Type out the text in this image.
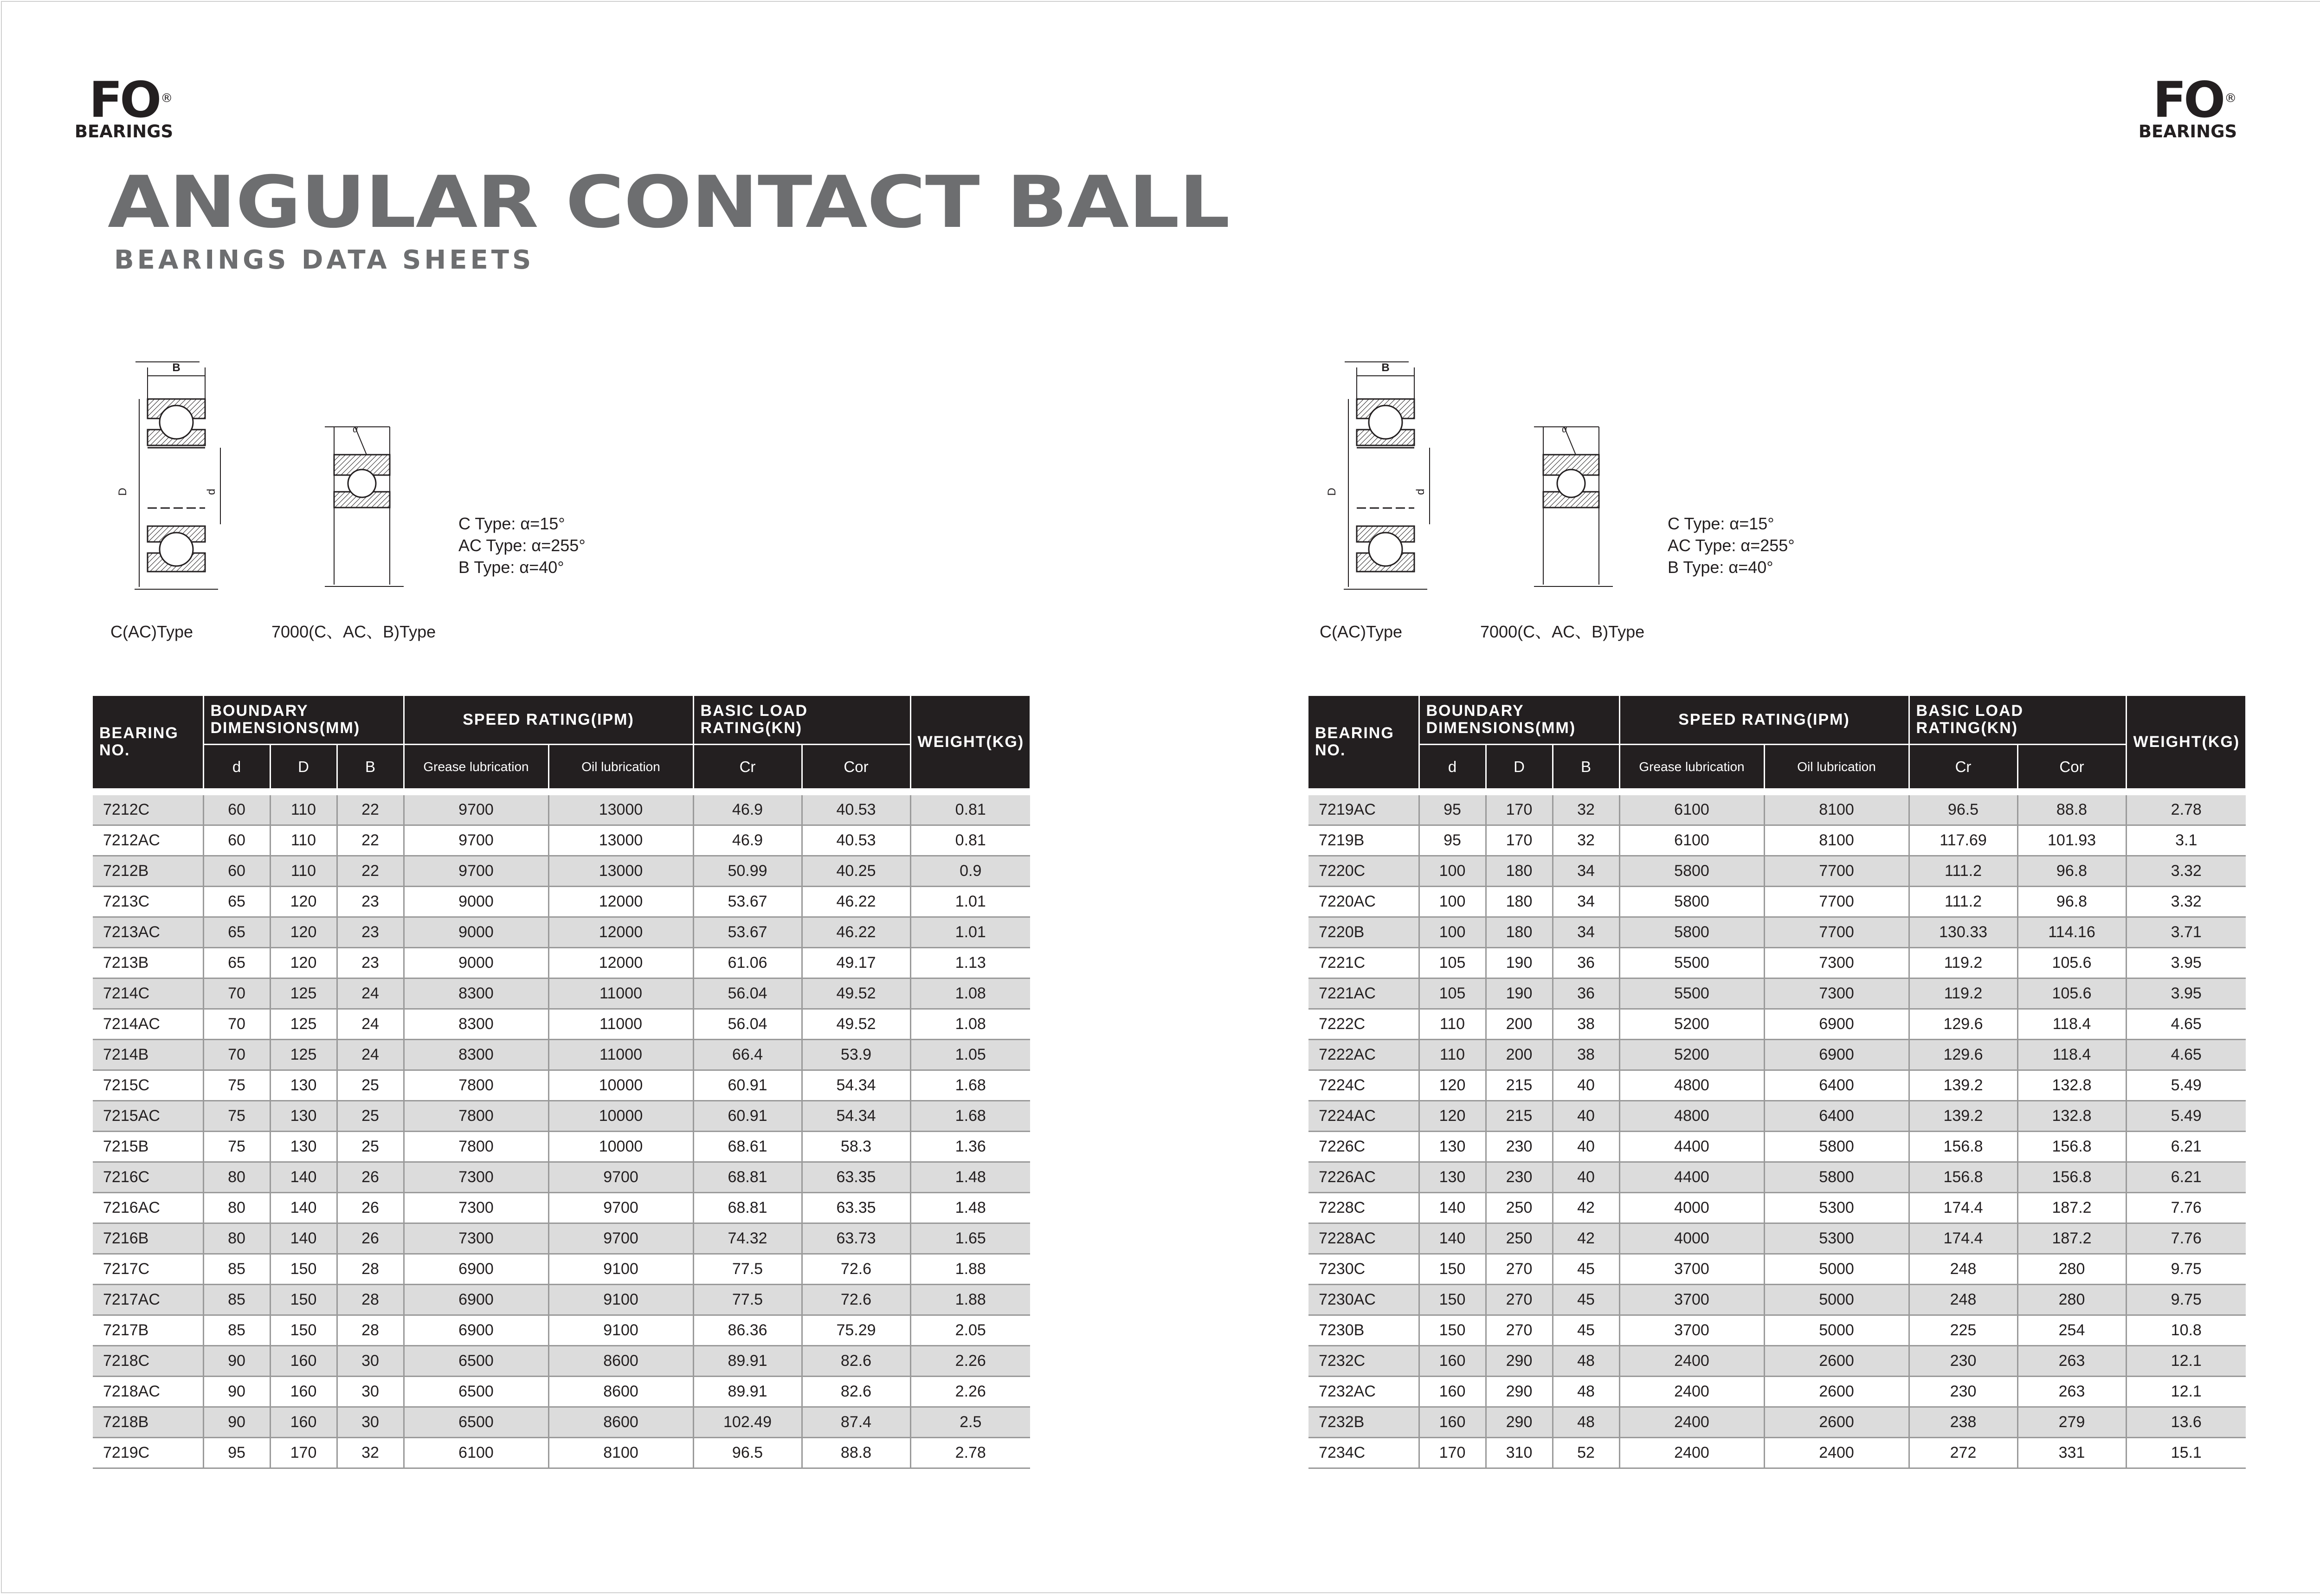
FO ®
BEARINGS
FO ®
BEARINGS
ANGULAR CONTACT BALL
BEARINGS DATA SHEETS
B
D	d
α
C Type: α=15°
AC Type: α=255°
B Type: α=40°
C(AC)Type	7000(C、AC、B)Type
B
D	d
α
C Type: α=15°
AC Type: α=255°
B Type: α=40°
C(AC)Type	7000(C、AC、B)Type
BEARING NO.	BOUNDARY DIMENSIONS(MM)			SPEED RATING(IPM)		BASIC LOAD RATING(KN)		WEIGHT(KG)
	d	D	B	Grease lubrication	Oil lubrication	Cr	Cor	

7212C	60	110	22	9700	13000	46.9	40.53	0.81
7212AC	60	110	22	9700	13000	46.9	40.53	0.81
7212B	60	110	22	9700	13000	50.99	40.25	0.9
7213C	65	120	23	9000	12000	53.67	46.22	1.01
7213AC	65	120	23	9000	12000	53.67	46.22	1.01
7213B	65	120	23	9000	12000	61.06	49.17	1.13
7214C	70	125	24	8300	11000	56.04	49.52	1.08
7214AC	70	125	24	8300	11000	56.04	49.52	1.08
7214B	70	125	24	8300	11000	66.4	53.9	1.05
7215C	75	130	25	7800	10000	60.91	54.34	1.68
7215AC	75	130	25	7800	10000	60.91	54.34	1.68
7215B	75	130	25	7800	10000	68.61	58.3	1.36
7216C	80	140	26	7300	9700	68.81	63.35	1.48
7216AC	80	140	26	7300	9700	68.81	63.35	1.48
7216B	80	140	26	7300	9700	74.32	63.73	1.65
7217C	85	150	28	6900	9100	77.5	72.6	1.88
7217AC	85	150	28	6900	9100	77.5	72.6	1.88
7217B	85	150	28	6900	9100	86.36	75.29	2.05
7218C	90	160	30	6500	8600	89.91	82.6	2.26
7218AC	90	160	30	6500	8600	89.91	82.6	2.26
7218B	90	160	30	6500	8600	102.49	87.4	2.5
7219C	95	170	32	6100	8100	96.5	88.8	2.78
BEARING NO.	BOUNDARY DIMENSIONS(MM)			SPEED RATING(IPM)		BASIC LOAD RATING(KN)		WEIGHT(KG)
	d	D	B	Grease lubrication	Oil lubrication	Cr	Cor	

7219AC	95	170	32	6100	8100	96.5	88.8	2.78
7219B	95	170	32	6100	8100	117.69	101.93	3.1
7220C	100	180	34	5800	7700	111.2	96.8	3.32
7220AC	100	180	34	5800	7700	111.2	96.8	3.32
7220B	100	180	34	5800	7700	130.33	114.16	3.71
7221C	105	190	36	5500	7300	119.2	105.6	3.95
7221AC	105	190	36	5500	7300	119.2	105.6	3.95
7222C	110	200	38	5200	6900	129.6	118.4	4.65
7222AC	110	200	38	5200	6900	129.6	118.4	4.65
7224C	120	215	40	4800	6400	139.2	132.8	5.49
7224AC	120	215	40	4800	6400	139.2	132.8	5.49
7226C	130	230	40	4400	5800	156.8	156.8	6.21
7226AC	130	230	40	4400	5800	156.8	156.8	6.21
7228C	140	250	42	4000	5300	174.4	187.2	7.76
7228AC	140	250	42	4000	5300	174.4	187.2	7.76
7230C	150	270	45	3700	5000	248	280	9.75
7230AC	150	270	45	3700	5000	248	280	9.75
7230B	150	270	45	3700	5000	225	254	10.8
7232C	160	290	48	2400	2600	230	263	12.1
7232AC	160	290	48	2400	2600	230	263	12.1
7232B	160	290	48	2400	2600	238	279	13.6
7234C	170	310	52	2400	2400	272	331	15.1
